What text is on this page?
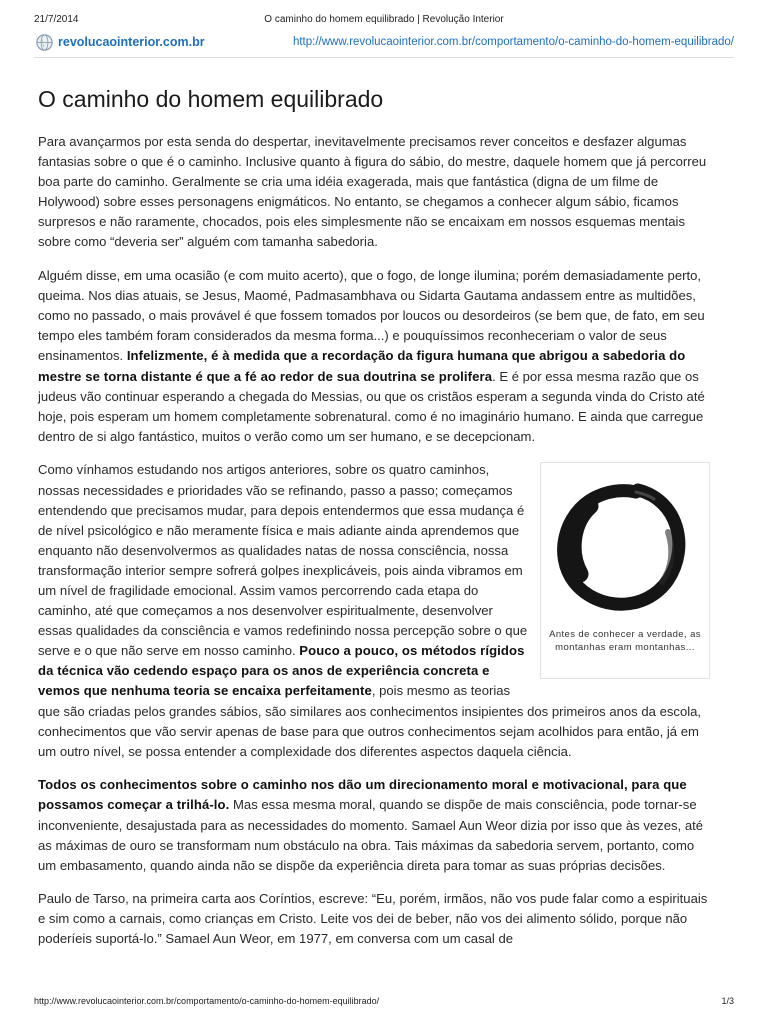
21/7/2014	O caminho do homem equilibrado | Revolução Interior
revolucaointerior.com.br	http://www.revolucaointerior.com.br/comportamento/o-caminho-do-homem-equilibrado/
O caminho do homem equilibrado

Para avançarmos por esta senda do despertar, inevitavelmente precisamos rever conceitos e desfazer algumas fantasias sobre o que é o caminho. Inclusive quanto à figura do sábio, do mestre, daquele homem que já percorreu boa parte do caminho. Geralmente se cria uma idéia exagerada, mais que fantástica (digna de um filme de Holywood) sobre esses personagens enigmáticos. No entanto, se chegamos a conhecer algum sábio, ficamos surpresos e não raramente, chocados, pois eles simplesmente não se encaixam em nossos esquemas mentais sobre como “deveria ser” alguém com tamanha sabedoria.

Alguém disse, em uma ocasião (e com muito acerto), que o fogo, de longe ilumina; porém demasiadamente perto, queima. Nos dias atuais, se Jesus, Maomé, Padmasambhava ou Sidarta Gautama andassem entre as multidões, como no passado, o mais provável é que fossem tomados por loucos ou desordeiros (se bem que, de fato, em seu tempo eles também foram considerados da mesma forma...) e pouquíssimos reconheceriam o valor de seus ensinamentos. Infelizmente, é à medida que a recordação da figura humana que abrigou a sabedoria do mestre se torna distante é que a fé ao redor de sua doutrina se prolifera. E é por essa mesma razão que os judeus vão continuar esperando a chegada do Messias, ou que os cristãos esperam a segunda vinda do Cristo até hoje, pois esperam um homem completamente sobrenatural. como é no imaginário humano. E ainda que carregue dentro de si algo fantástico, muitos o verão como um ser humano, e se decepcionam.

Antes de conhecer a verdade, as montanhas eram montanhas...

Como vínhamos estudando nos artigos anteriores, sobre os quatro caminhos, nossas necessidades e prioridades vão se refinando, passo a passo; começamos entendendo que precisamos mudar, para depois entendermos que essa mudança é de nível psicológico e não meramente física e mais adiante ainda aprendemos que enquanto não desenvolvermos as qualidades natas de nossa consciência, nossa transformação interior sempre sofrerá golpes inexplicáveis, pois ainda vibramos em um nível de fragilidade emocional. Assim vamos percorrendo cada etapa do caminho, até que começamos a nos desenvolver espiritualmente, desenvolver essas qualidades da consciência e vamos redefinindo nossa percepção sobre o que serve e o que não serve em nosso caminho. Pouco a pouco, os métodos rígidos da técnica vão cedendo espaço para os anos de experiência concreta e vemos que nenhuma teoria se encaixa perfeitamente, pois mesmo as teorias que são criadas pelos grandes sábios, são similares aos conhecimentos insipientes dos primeiros anos da escola, conhecimentos que vão servir apenas de base para que outros conhecimentos sejam acolhidos para então, já em um outro nível, se possa entender a complexidade dos diferentes aspectos daquela ciência.

Todos os conhecimentos sobre o caminho nos dão um direcionamento moral e motivacional, para que possamos começar a trilhá-lo. Mas essa mesma moral, quando se dispõe de mais consciência, pode tornar-se inconveniente, desajustada para as necessidades do momento. Samael Aun Weor dizia por isso que às vezes, até as máximas de ouro se transformam num obstáculo na obra. Tais máximas da sabedoria servem, portanto, como um embasamento, quando ainda não se dispõe da experiência direta para tomar as suas próprias decisões.

Paulo de Tarso, na primeira carta aos Coríntios, escreve: “Eu, porém, irmãos, não vos pude falar como a espirituais e sim como a carnais, como crianças em Cristo. Leite vos dei de beber, não vos dei alimento sólido, porque não poderíeis suportá-lo.” Samael Aun Weor, em 1977, em conversa com um casal de

http://www.revolucaointerior.com.br/comportamento/o-caminho-do-homem-equilibrado/	1/3
